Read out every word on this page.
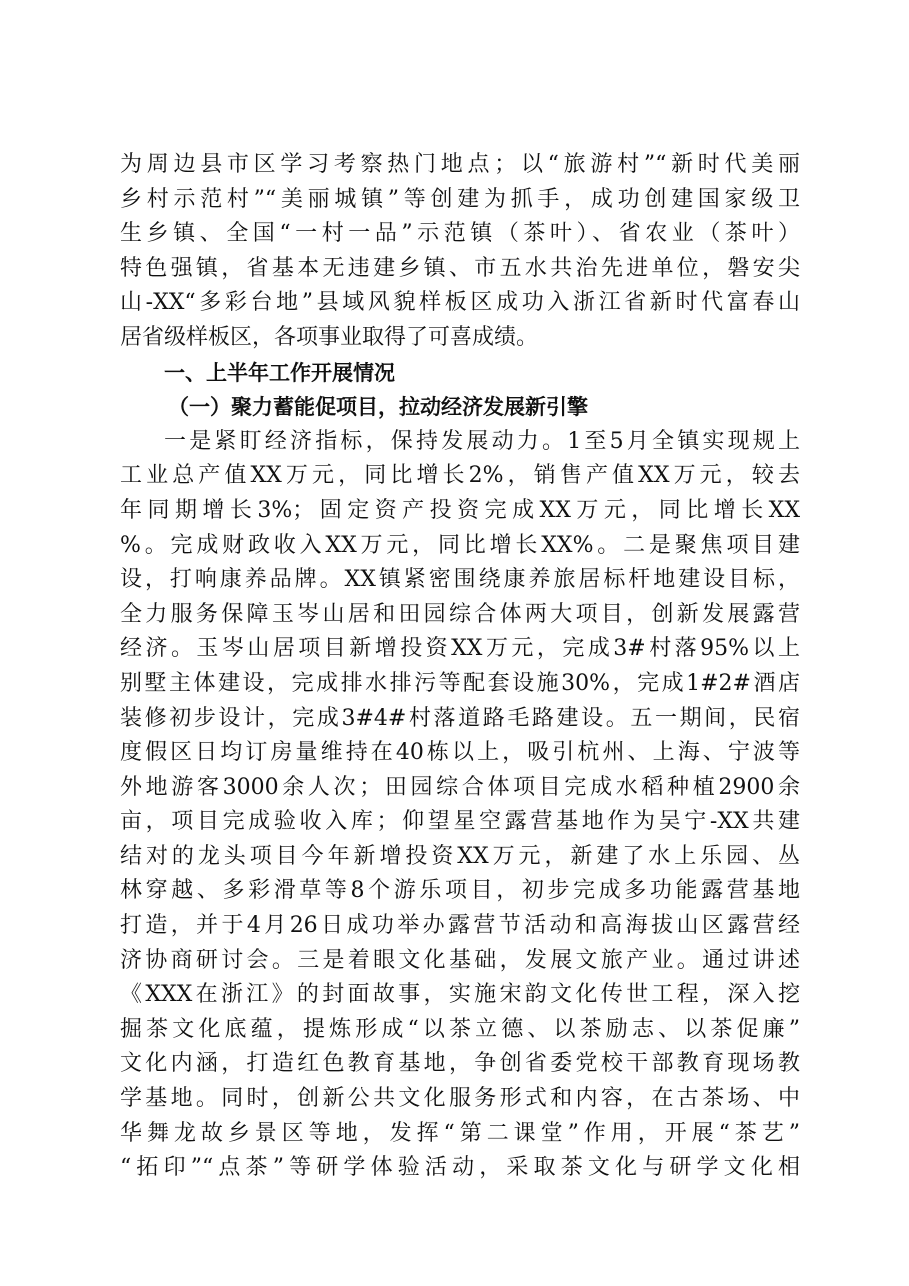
为周边县市区学习考察热门地点；以“旅游村”“新时代美丽
乡村示范村”“美丽城镇”等创建为抓手，成功创建国家级卫
生乡镇、全国“一村一品”示范镇（茶叶）、省农业（茶叶）
特色强镇，省基本无违建乡镇、市五水共治先进单位，磐安尖
山-XX“多彩台地”县域风貌样板区成功入浙江省新时代富春山
居省级样板区，各项事业取得了可喜成绩。
一、上半年工作开展情况
（一）聚力蓄能促项目，拉动经济发展新引擎
一是紧盯经济指标，保持发展动力。1至5月全镇实现规上
工业总产值XX万元，同比增长2%，销售产值XX万元，较去
年同期增长3%；固定资产投资完成XX万元，同比增长XX
%。完成财政收入XX万元，同比增长XX%。二是聚焦项目建
设，打响康养品牌。XX镇紧密围绕康养旅居标杆地建设目标，
全力服务保障玉岑山居和田园综合体两大项目，创新发展露营
经济。玉岑山居项目新增投资XX万元，完成3#村落95%以上
别墅主体建设，完成排水排污等配套设施30%，完成1#2#酒店
装修初步设计，完成3#4#村落道路毛路建设。五一期间，民宿
度假区日均订房量维持在40栋以上，吸引杭州、上海、宁波等
外地游客3000余人次；田园综合体项目完成水稻种植2900余
亩，项目完成验收入库；仰望星空露营基地作为吴宁-XX共建
结对的龙头项目今年新增投资XX万元，新建了水上乐园、丛
林穿越、多彩滑草等8个游乐项目，初步完成多功能露营基地
打造，并于4月26日成功举办露营节活动和高海拔山区露营经
济协商研讨会。三是着眼文化基础，发展文旅产业。通过讲述
《XXX在浙江》的封面故事，实施宋韵文化传世工程，深入挖
掘茶文化底蕴，提炼形成“以茶立德、以茶励志、以茶促廉”
文化内涵，打造红色教育基地，争创省委党校干部教育现场教
学基地。同时，创新公共文化服务形式和内容，在古茶场、中
华舞龙故乡景区等地，发挥“第二课堂”作用，开展“茶艺”
“拓印”“点茶”等研学体验活动，采取茶文化与研学文化相
